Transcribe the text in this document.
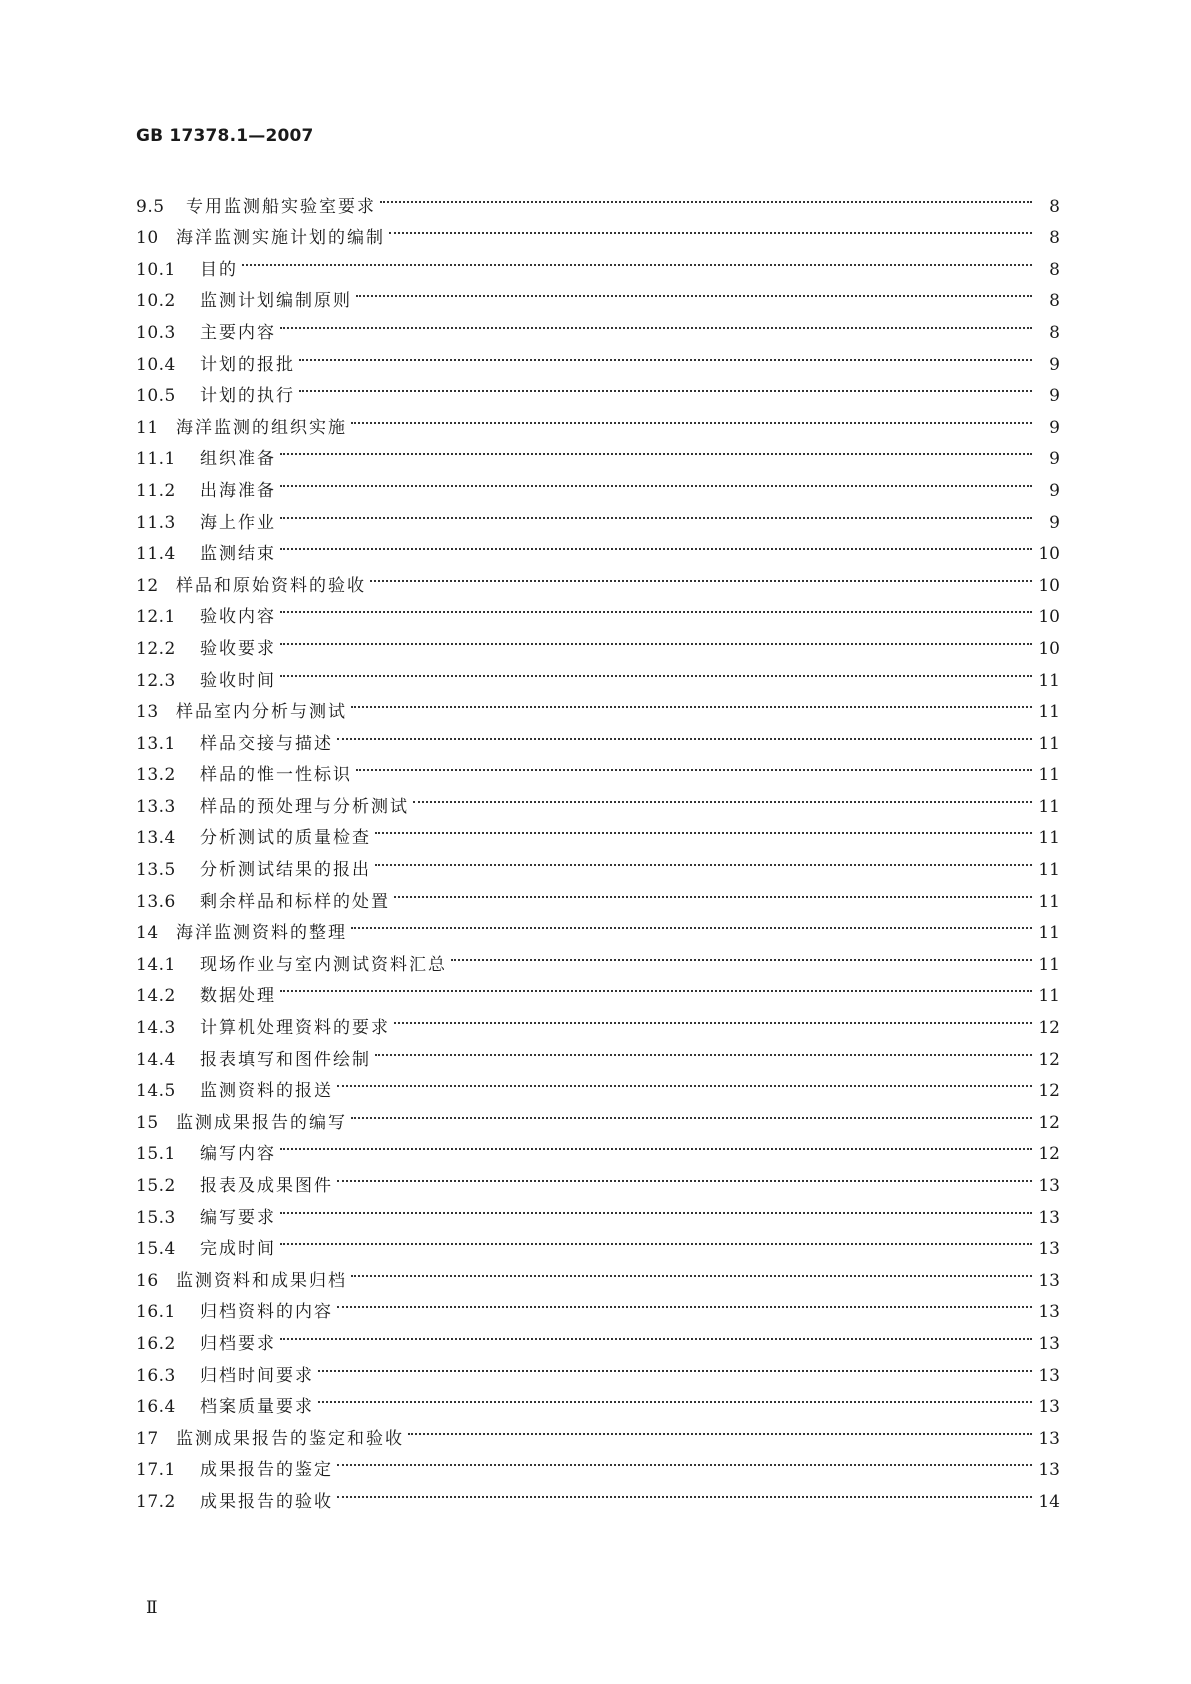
GB 17378.1—2007
9.5	专用监测船实验室要求	8
10	海洋监测实施计划的编制	8
10.1	目的	8
10.2	监测计划编制原则	8
10.3	主要内容	8
10.4	计划的报批	9
10.5	计划的执行	9
11	海洋监测的组织实施	9
11.1	组织准备	9
11.2	出海准备	9
11.3	海上作业	9
11.4	监测结束	10
12	样品和原始资料的验收	10
12.1	验收内容	10
12.2	验收要求	10
12.3	验收时间	11
13	样品室内分析与测试	11
13.1	样品交接与描述	11
13.2	样品的惟一性标识	11
13.3	样品的预处理与分析测试	11
13.4	分析测试的质量检查	11
13.5	分析测试结果的报出	11
13.6	剩余样品和标样的处置	11
14	海洋监测资料的整理	11
14.1	现场作业与室内测试资料汇总	11
14.2	数据处理	11
14.3	计算机处理资料的要求	12
14.4	报表填写和图件绘制	12
14.5	监测资料的报送	12
15	监测成果报告的编写	12
15.1	编写内容	12
15.2	报表及成果图件	13
15.3	编写要求	13
15.4	完成时间	13
16	监测资料和成果归档	13
16.1	归档资料的内容	13
16.2	归档要求	13
16.3	归档时间要求	13
16.4	档案质量要求	13
17	监测成果报告的鉴定和验收	13
17.1	成果报告的鉴定	13
17.2	成果报告的验收	14
Ⅱ
